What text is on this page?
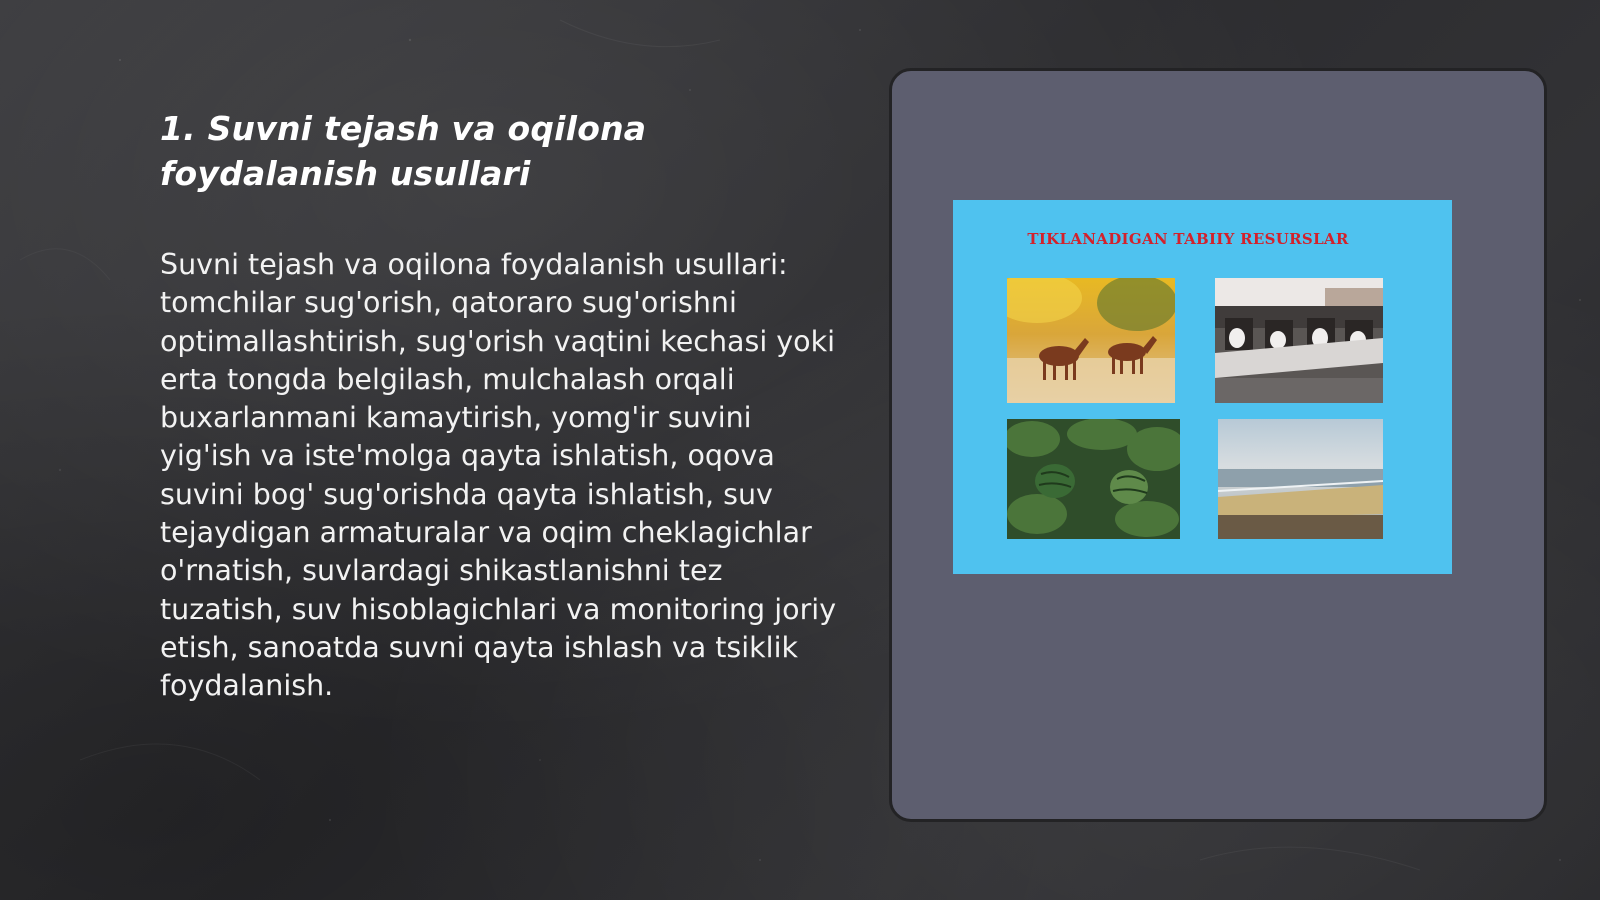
1. Suvni tejash va oqilona foydalanish usullari

Suvni tejash va oqilona foydalanish usullari: tomchilar sug'orish, qatoraro sug'orishni optimallashtirish, sug'orish vaqtini kechasi yoki erta tongda belgilash, mulchalash orqali buxarlanmani kamaytirish, yomg'ir suvini yig'ish va iste'molga qayta ishlatish, oqova suvini bog' sug'orishda qayta ishlatish, suv tejaydigan armaturalar va oqim cheklagichlar o'rnatish, suvlardagi shikastlanishni tez tuzatish, suv hisoblagichlari va monitoring joriy etish, sanoatda suvni qayta ishlash va tsiklik foydalanish.

TIKLANADIGAN TABIIY RESURSLAR
